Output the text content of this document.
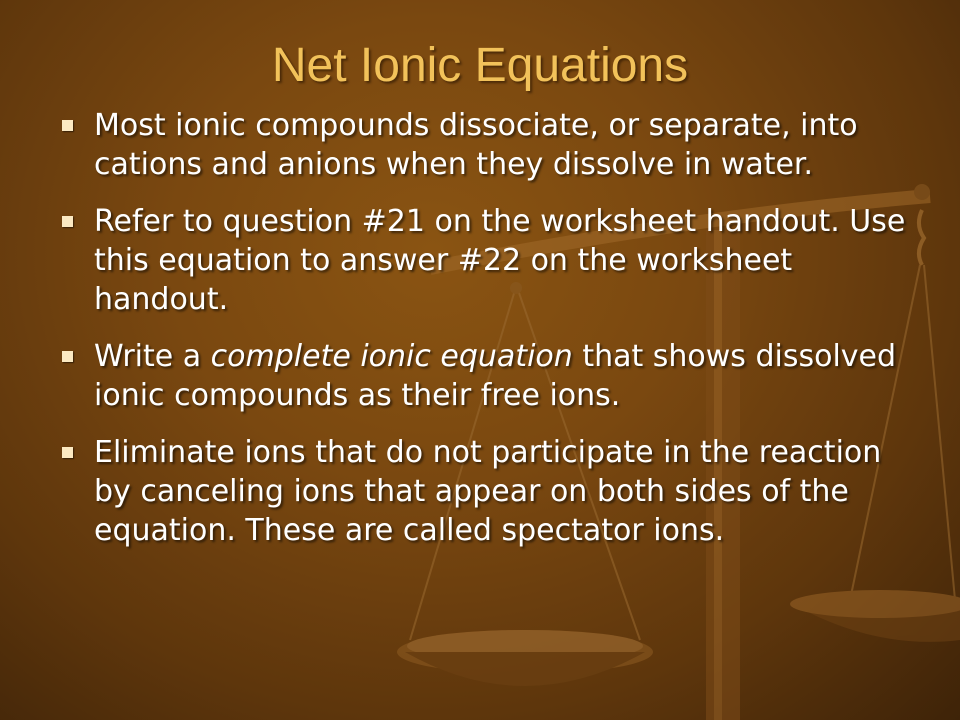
Net Ionic Equations
Most ionic compounds dissociate, or separate, into cations and anions when they dissolve in water.
Refer to question #21 on the worksheet handout. Use this equation to answer #22 on the worksheet handout.
Write a complete ionic equation that shows dissolved ionic compounds as their free ions.
Eliminate ions that do not participate in the reaction by canceling ions that appear on both sides of the equation. These are called spectator ions.
